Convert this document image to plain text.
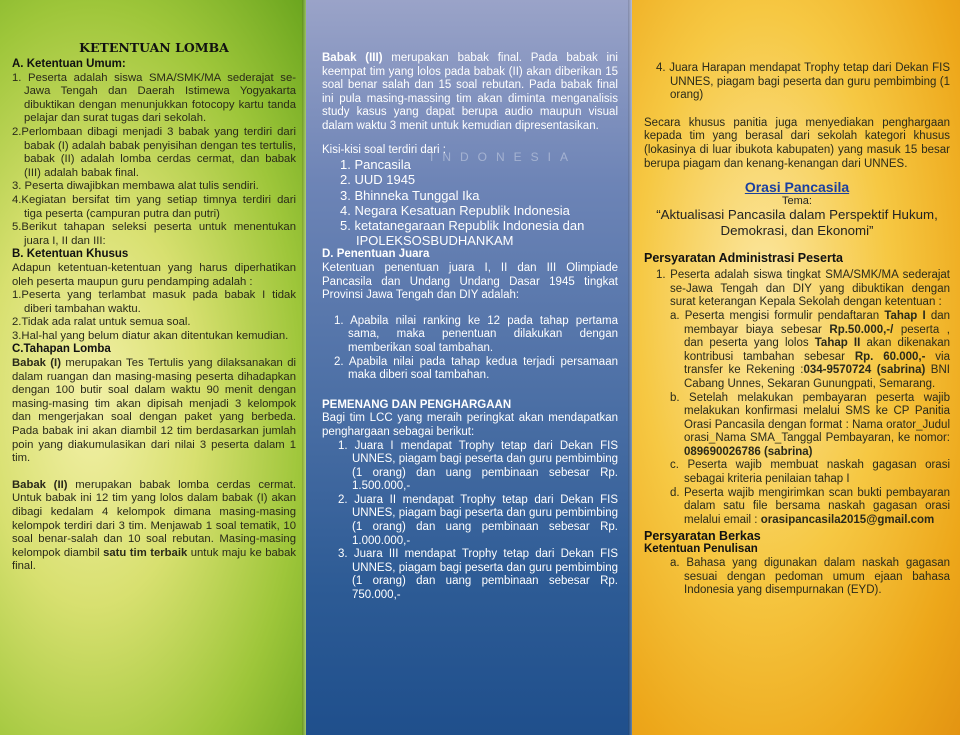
KETENTUAN LOMBA

A. Ketentuan Umum:

1. Peserta adalah siswa SMA/SMK/MA sederajat se-Jawa Tengah dan Daerah Istimewa Yogyakarta dibuktikan dengan menunjukkan fotocopy kartu tanda pelajar dan surat tugas dari sekolah.

2.Perlombaan dibagi menjadi 3 babak yang terdiri dari babak (I) adalah babak penyisihan dengan tes tertulis, babak (II) adalah lomba cerdas cermat, dan babak (III) adalah babak final.

3. Peserta diwajibkan membawa alat tulis sendiri.

4.Kegiatan bersifat tim yang setiap timnya terdiri dari tiga peserta (campuran putra dan putri)

5.Berikut tahapan seleksi peserta untuk menentukan juara I, II dan III:

B. Ketentuan Khusus

Adapun ketentuan-ketentuan yang harus diperhatikan oleh peserta maupun guru pendamping adalah :

1.Peserta yang terlambat masuk pada babak I tidak diberi tambahan waktu.

2.Tidak ada ralat untuk semua soal.

3.Hal-hal yang belum diatur akan ditentukan kemudian.

C.Tahapan Lomba

Babak (I) merupakan Tes Tertulis yang dilaksanakan di dalam ruangan dan masing-masing peserta dihadapkan dengan 100 butir soal dalam waktu 90 menit dengan masing-masing tim akan dipisah menjadi 3 kelompok dan mengerjakan soal dengan paket yang berbeda. Pada babak ini akan diambil 12 tim berdasarkan jumlah poin yang diakumulasikan dari nilai 3 peserta dalam 1 tim.

Babak (II) merupakan babak lomba cerdas cermat. Untuk babak ini 12 tim yang lolos dalam babak (I) akan dibagi kedalam 4 kelompok dimana masing-masing kelompok terdiri dari 3 tim. Menjawab 1 soal tematik, 10 soal benar-salah dan 10 soal rebutan. Masing-masing kelompok diambil satu tim terbaik untuk maju ke babak final.

Babak (III) merupakan babak final. Pada babak ini keempat tim yang lolos pada babak (II) akan diberikan 15 soal benar salah dan 15 soal rebutan. Pada babak final ini pula masing-massing tim akan diminta menganalisis study kasus yang dapat berupa audio maupun visual dalam waktu 3 menit untuk kemudian dipresentasikan.

Kisi-kisi soal terdiri dari :

1. Pancasila

2. UUD 1945

3. Bhinneka Tunggal Ika

4. Negara Kesatuan Republik Indonesia

5. ketatanegaraan Republik Indonesia dan

IPOLEKSOSBUDHANKAM

D. Penentuan Juara

Ketentuan penentuan juara I, II dan III Olimpiade Pancasila dan Undang Undang Dasar 1945 tingkat Provinsi Jawa Tengah dan DIY adalah:

1. Apabila nilai ranking ke 12 pada tahap pertama sama, maka penentuan dilakukan dengan memberikan soal tambahan.

2. Apabila nilai pada tahap kedua terjadi persamaan maka diberi soal tambahan.

PEMENANG DAN PENGHARGAAN

Bagi tim LCC yang meraih peringkat akan mendapatkan penghargaan sebagai berikut:

1. Juara I mendapat Trophy tetap dari Dekan FIS UNNES, piagam bagi peserta dan guru pembimbing (1 orang) dan uang pembinaan sebesar Rp. 1.500.000,-

2. Juara II mendapat Trophy tetap dari Dekan FIS UNNES, piagam bagi peserta dan guru pembimbing (1 orang) dan uang pembinaan sebesar Rp. 1.000.000,-

3. Juara III mendapat Trophy tetap dari Dekan FIS UNNES, piagam bagi peserta dan guru pembimbing (1 orang) dan uang pembinaan sebesar Rp. 750.000,-

4. Juara Harapan mendapat Trophy tetap dari Dekan FIS UNNES, piagam bagi peserta dan guru pembimbing (1 orang)

Secara khusus panitia juga menyediakan penghargaan kepada tim yang berasal dari sekolah kategori khusus (lokasinya di luar ibukota kabupaten) yang masuk 15 besar berupa piagam dan kenang-kenangan dari UNNES.

Orasi Pancasila

Tema:

“Aktualisasi Pancasila dalam Perspektif Hukum, Demokrasi, dan Ekonomi”

Persyaratan Administrasi Peserta

1. Peserta adalah siswa tingkat SMA/SMK/MA sederajat se-Jawa Tengah dan DIY yang dibuktikan dengan surat keterangan Kepala Sekolah dengan ketentuan :

a. Peserta mengisi formulir pendaftaran Tahap I dan membayar biaya sebesar Rp.50.000,-/ peserta , dan peserta yang lolos Tahap II akan dikenakan kontribusi tambahan sebesar Rp. 60.000,- via transfer ke Rekening :034-9570724 (sabrina) BNI Cabang Unnes, Sekaran Gunungpati, Semarang.

b. Setelah melakukan pembayaran peserta wajib melakukan konfirmasi melalui SMS ke CP Panitia Orasi Pancasila dengan format : Nama orator_Judul orasi_Nama SMA_Tanggal Pembayaran, ke nomor: 089690026786 (sabrina)

c. Peserta wajib membuat naskah gagasan orasi sebagai kriteria penilaian tahap I

d. Peserta wajib mengirimkan scan bukti pembayaran dalam satu file bersama naskah gagasan orasi melalui email : orasipancasila2015@gmail.com

Persyaratan Berkas

Ketentuan Penulisan

a. Bahasa yang digunakan dalam naskah gagasan sesuai dengan pedoman umum ejaan bahasa Indonesia yang disempurnakan (EYD).

INDONESIA
